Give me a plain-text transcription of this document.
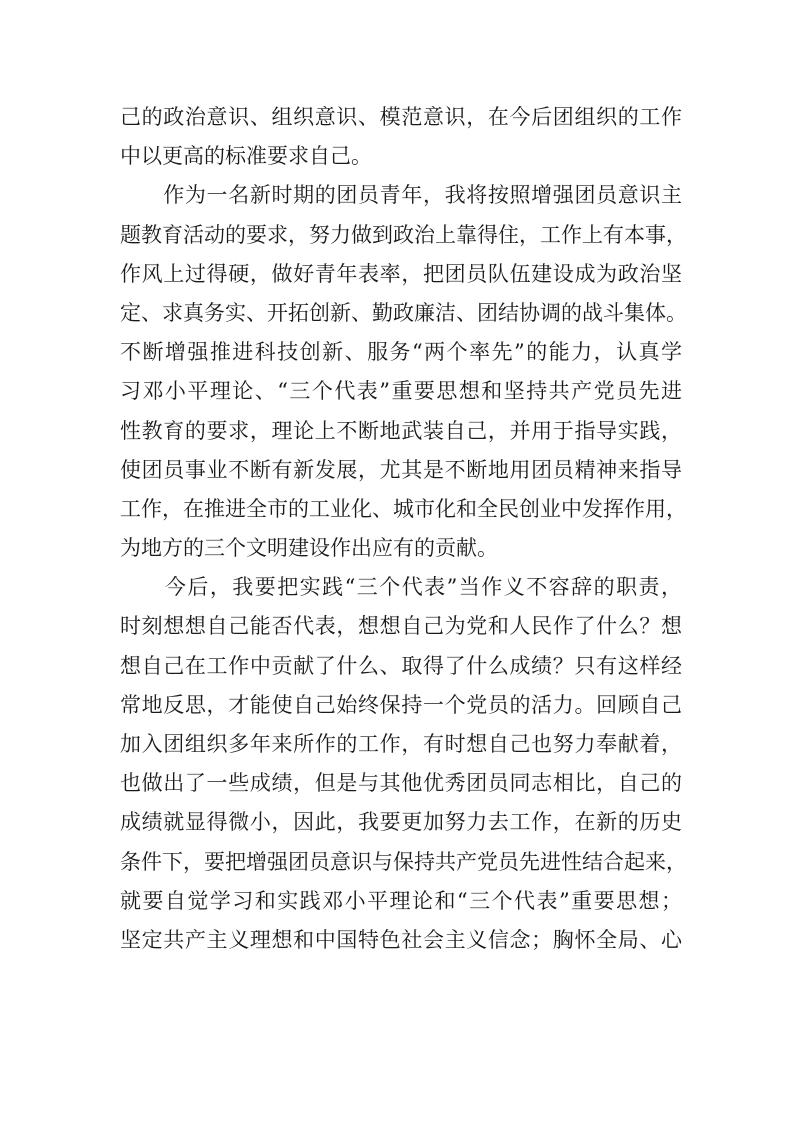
己的政治意识、组织意识、模范意识，在今后团组织的工作
中以更高的标准要求自己。
　　作为一名新时期的团员青年，我将按照增强团员意识主
题教育活动的要求，努力做到政治上靠得住，工作上有本事，
作风上过得硬，做好青年表率，把团员队伍建设成为政治坚
定、求真务实、开拓创新、勤政廉洁、团结协调的战斗集体。
不断增强推进科技创新、服务“两个率先”的能力，认真学
习邓小平理论、“三个代表”重要思想和坚持共产党员先进
性教育的要求，理论上不断地武装自己，并用于指导实践，
使团员事业不断有新发展，尤其是不断地用团员精神来指导
工作，在推进全市的工业化、城市化和全民创业中发挥作用，
为地方的三个文明建设作出应有的贡献。
　　今后，我要把实践“三个代表”当作义不容辞的职责，
时刻想想自己能否代表，想想自己为党和人民作了什么？想
想自己在工作中贡献了什么、取得了什么成绩？只有这样经
常地反思，才能使自己始终保持一个党员的活力。回顾自己
加入团组织多年来所作的工作，有时想自己也努力奉献着，
也做出了一些成绩，但是与其他优秀团员同志相比，自己的
成绩就显得微小，因此，我要更加努力去工作，在新的历史
条件下，要把增强团员意识与保持共产党员先进性结合起来，
就要自觉学习和实践邓小平理论和“三个代表”重要思想；
坚定共产主义理想和中国特色社会主义信念；胸怀全局、心
